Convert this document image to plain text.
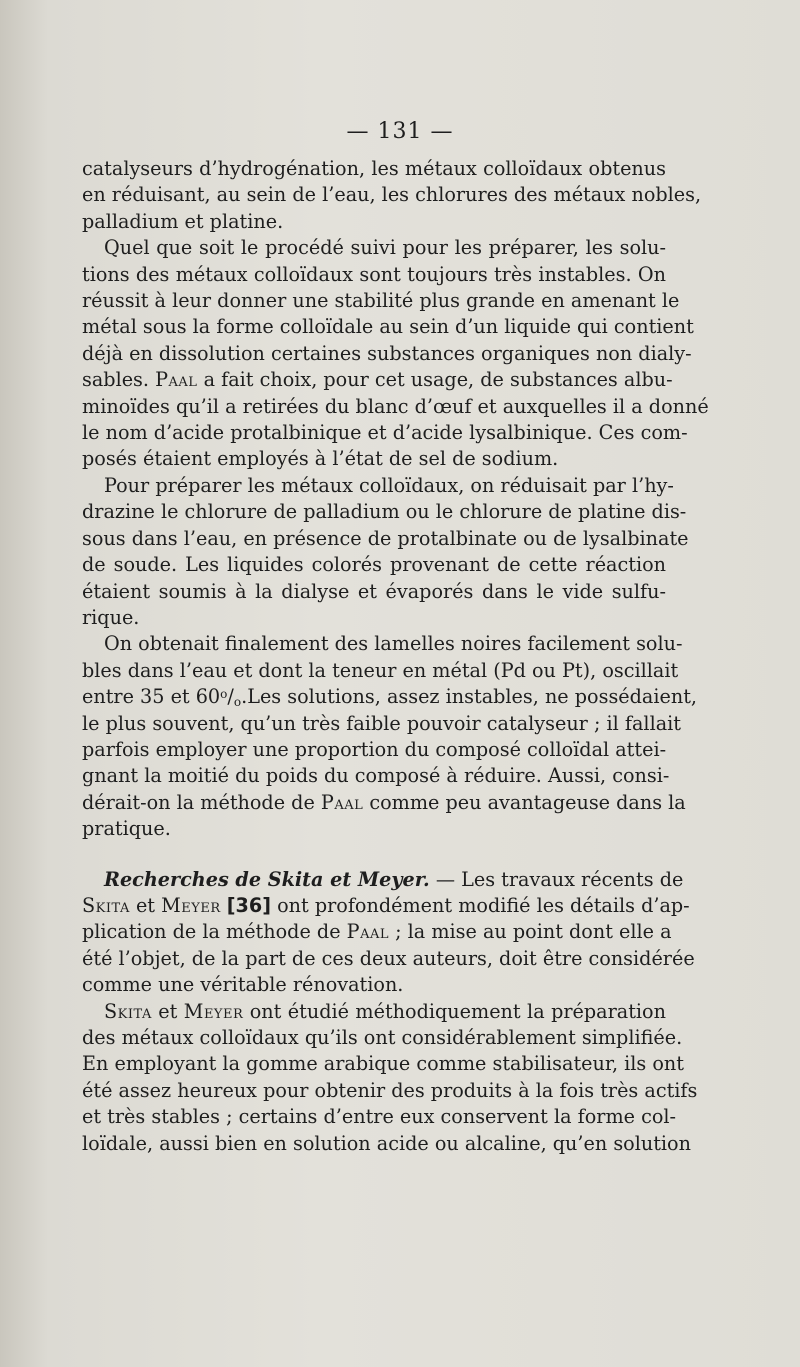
— 131 —
catalyseurs d’hydrogénation, les métaux colloïdaux obtenus
en réduisant, au sein de l’eau, les chlorures des métaux nobles,
palladium et platine.
Quel que soit le procédé suivi pour les préparer, les solu-
tions des métaux colloïdaux sont toujours très instables. On
réussit à leur donner une stabilité plus grande en amenant le
métal sous la forme colloïdale au sein d’un liquide qui contient
déjà en dissolution certaines substances organiques non dialy-
sables. Paal a fait choix, pour cet usage, de substances albu-
minoïdes qu’il a retirées du blanc d’œuf et auxquelles il a donné
le nom d’acide protalbinique et d’acide lysalbinique. Ces com-
posés étaient employés à l’état de sel de sodium.
Pour préparer les métaux colloïdaux, on réduisait par l’hy-
drazine le chlorure de palladium ou le chlorure de platine dis-
sous dans l’eau, en présence de protalbinate ou de lysalbinate
de soude. Les liquides colorés provenant de cette réaction
étaient soumis à la dialyse et évaporés dans le vide sulfu-
rique.
On obtenait finalement des lamelles noires facilement solu-
bles dans l’eau et dont la teneur en métal (Pd ou Pt), oscillait
entre 35 et $60^o/_o.Les$ solutions, assez instables, ne possédaient,
le plus souvent, qu’un très faible pouvoir catalyseur ; il fallait
parfois employer une proportion du composé colloïdal attei-
gnant la moitié du poids du composé à réduire. Aussi, consi-
dérait-on la méthode de Paal comme peu avantageuse dans la
pratique.
Recherches de Skita et Meyer. — Les travaux récents de
Skita et Meyer [36] ont profondément modifié les détails d’ap-
plication de la méthode de Paal ; la mise au point dont elle a
été l’objet, de la part de ces deux auteurs, doit être considérée
comme une véritable rénovation.
Skita et Meyer ont étudié méthodiquement la préparation
des métaux colloïdaux qu’ils ont considérablement simplifiée.
En employant la gomme arabique comme stabilisateur, ils ont
été assez heureux pour obtenir des produits à la fois très actifs
et très stables ; certains d’entre eux conservent la forme col-
loïdale, aussi bien en solution acide ou alcaline, qu’en solution
